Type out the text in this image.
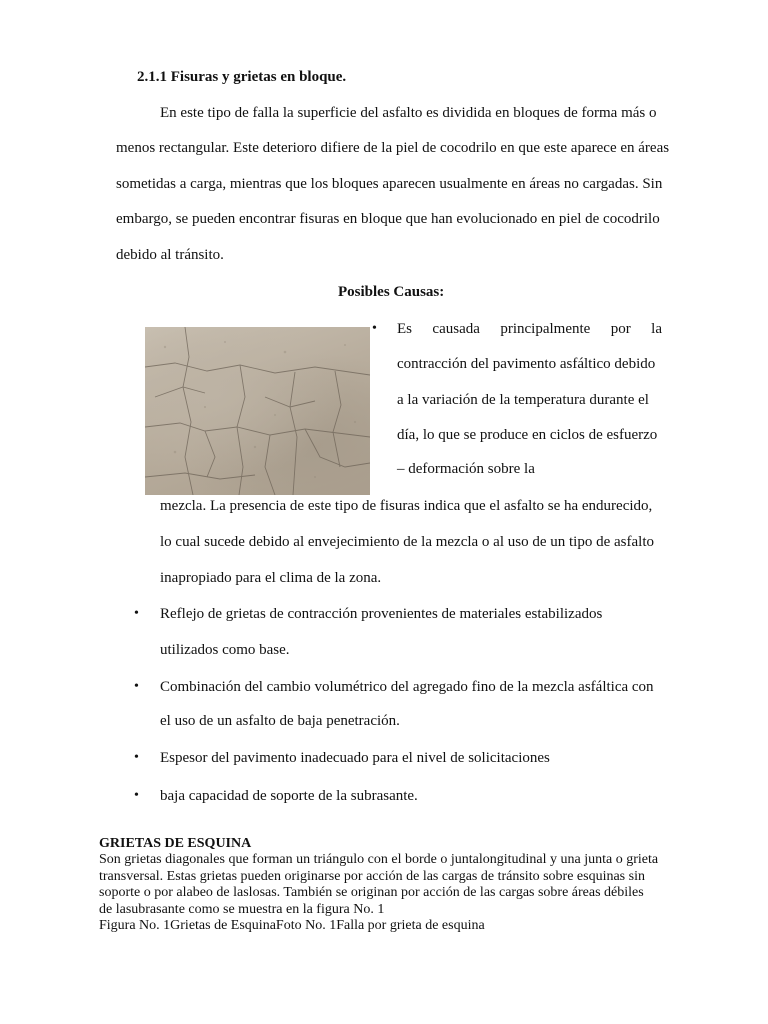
2.1.1 Fisuras y grietas en bloque.
En este tipo de falla la superficie del asfalto es dividida en bloques de forma más o
menos rectangular. Este deterioro difiere de la piel de cocodrilo en que este aparece en áreas
sometidas a carga, mientras que los bloques aparecen usualmente en áreas no cargadas. Sin
embargo, se pueden encontrar fisuras en bloque que han evolucionado en piel de cocodrilo
debido al tránsito.
Posibles Causas:
• Es causada principalmente por la
contracción del pavimento asfáltico debido
a la variación de la temperatura durante el
día, lo que se produce en ciclos de esfuerzo
– deformación sobre la
mezcla. La presencia de este tipo de fisuras indica que el asfalto se ha endurecido,
lo cual sucede debido al envejecimiento de la mezcla o al uso de un tipo de asfalto
inapropiado para el clima de la zona.
• Reflejo de grietas de contracción provenientes de materiales estabilizados
utilizados como base.
• Combinación del cambio volumétrico del agregado fino de la mezcla asfáltica con
el uso de un asfalto de baja penetración.
• Espesor del pavimento inadecuado para el nivel de solicitaciones
• baja capacidad de soporte de la subrasante.
GRIETAS DE ESQUINA
Son grietas diagonales que forman un triángulo con el borde o juntalongitudinal y una junta o grieta
transversal. Estas grietas pueden originarse por acción de las cargas de tránsito sobre esquinas sin
soporte o por alabeo de laslosas. También se originan por acción de las cargas sobre áreas débiles
de lasubrasante como se muestra en la figura No. 1
Figura No. 1Grietas de EsquinaFoto No. 1Falla por grieta de esquina
